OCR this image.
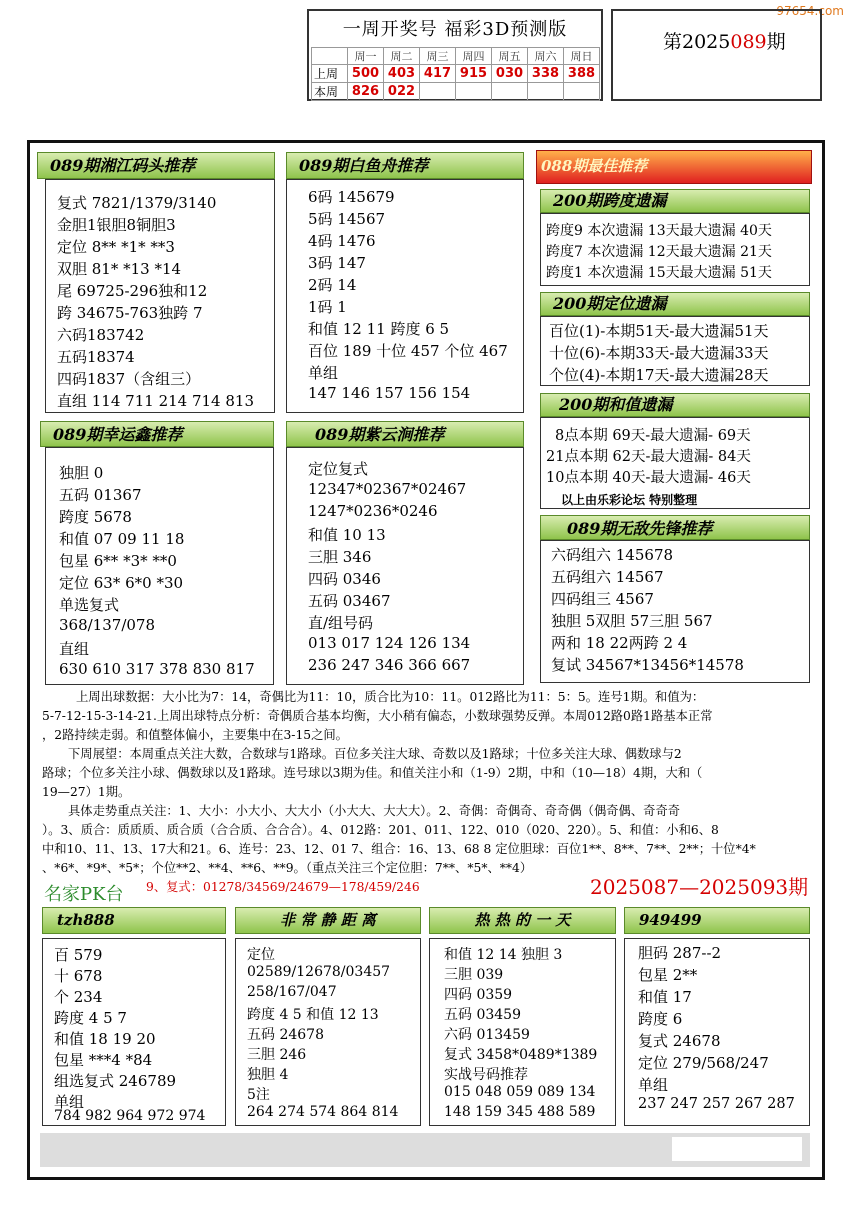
97654.com
一周开奖号 福彩3D预测版
	周一	周二	周三	周四	周五	周六	周日
上周	500	403	417	915	030	338	388
本周	826	022					
第2025089期
089期湘江码头推荐
复式 7821/1379/3140
金胆1银胆8铜胆3
定位 8** *1* **3
双胆 81* *13 *14
尾 69725-296独和12
跨 34675-763独跨 7
六码183742
五码18374
四码1837（含组三）
直组 114 711 214 714 813
089期白鱼舟推荐
6码 145679
5码 14567
4码 1476
3码 147
2码 14
1码 1
和值 12 11 跨度 6 5
百位 189 十位 457 个位 467
单组
147 146 157 156 154
089期幸运鑫推荐
独胆 0
五码 01367
跨度 5678
和值 07 09 11 18
包星 6** *3* **0
定位 63* 6*0 *30
单选复式
368/137/078
直组
630 610 317 378 830 817
089期紫云涧推荐
定位复式
12347*02367*02467
1247*0236*0246
和值 10 13
三胆 346
四码 0346
五码 03467
直/组号码
013 017 124 126 134
236 247 346 366 667
088期最佳推荐
200期跨度遗漏
跨度9 本次遗漏 13天最大遗漏 40天
跨度7 本次遗漏 12天最大遗漏 21天
跨度1 本次遗漏 15天最大遗漏 51天
200期定位遗漏
百位(1)-本期51天-最大遗漏51天
十位(6)-本期33天-最大遗漏33天
个位(4)-本期17天-最大遗漏28天
200期和值遗漏
8点本期 69天-最大遗漏- 69天
21点本期 62天-最大遗漏- 84天
10点本期 40天-最大遗漏- 46天
以上由乐彩论坛 特别整理
089期无敌先锋推荐
六码组六 145678
五码组六 14567
四码组三 4567
独胆 5双胆 57三胆 567
两和 18 22两跨 2 4
复试 34567*13456*14578
上周出球数据：大小比为7：14，奇偶比为11：10，质合比为10：11。012路比为11：5：5。连号1期。和值为：
5-7-12-15-3-14-21.上周出球特点分析：奇偶质合基本均衡，大小稍有偏态，小数球强势反弹。本周012路0路1路基本正常
，2路持续走弱。和值整体偏小，主要集中在3-15之间。
下周展望：本周重点关注大数，合数球与1路球。百位多关注大球、奇数以及1路球；十位多关注大球、偶数球与2
路球；个位多关注小球、偶数球以及1路球。连号球以3期为佳。和值关注小和（1-9）2期，中和（10—18）4期，大和（
19—27）1期。
具体走势重点关注：1、大小：小大小、大大小（小大大、大大大）。2、奇偶：奇偶奇、奇奇偶（偶奇偶、奇奇奇
）。3、质合：质质质、质合质（合合质、合合合）。4、012路：201、011、122、010（020、220）。5、和值：小和6、8
中和10、11、13、17大和21。6、连号：23、12、01 7、组合：16、13、68 8 定位胆球：百位1**、8**、7**、2**；十位*4*
、*6*、*9*、*5*；个位**2、**4、**6、**9。（重点关注三个定位胆：7**、*5*、**4）
9、复式：01278/34569/24679—178/459/246
名家PK台	2025087—2025093期
tzh888
百 579
十 678
个 234
跨度 4 5 7
和值 18 19 20
包星 ***4 *84
组选复式 246789
单组
784 982 964 972 974
非 常 静 距 离
定位
02589/12678/03457
258/167/047
跨度 4 5 和值 12 13
五码 24678
三胆 246
独胆 4
5注
264 274 574 864 814
热 热 的 一 天
和值 12 14 独胆 3
三胆 039
四码 0359
五码 03459
六码 013459
复式 3458*0489*1389
实战号码推荐
015 048 059 089 134
148 159 345 488 589
949499
胆码 287--2
包星 2**
和值 17
跨度 6
复式 24678
定位 279/568/247
单组
237 247 257 267 287
